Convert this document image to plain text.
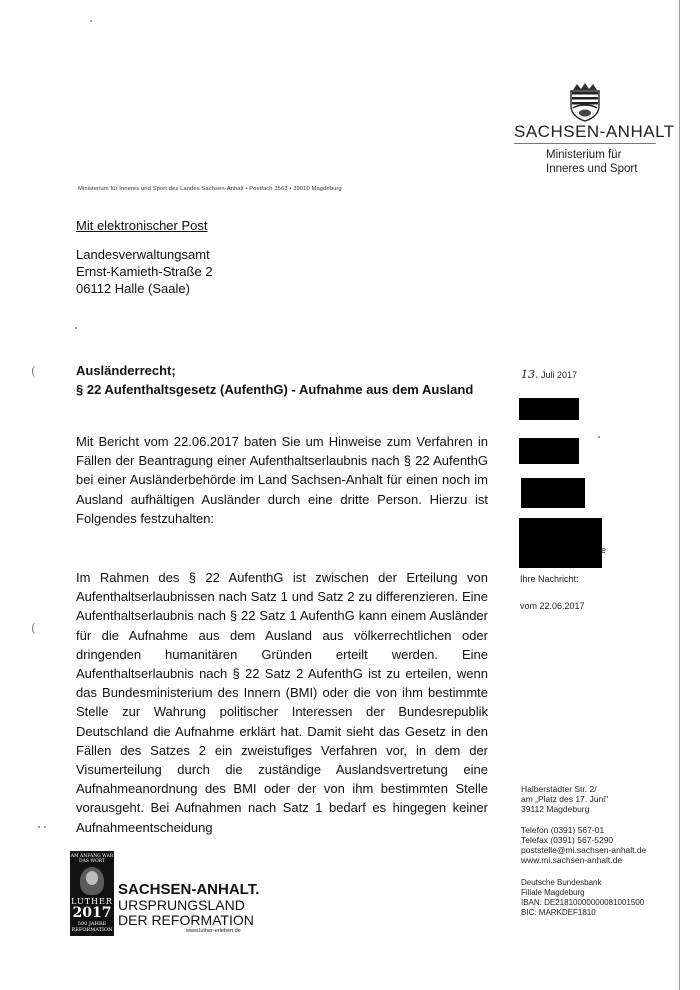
SACHSEN-ANHALT
Ministerium für
Inneres und Sport
Ministerium für Inneres und Sport des Landes Sachsen-Anhalt • Postfach 3563 • 39010 Magdeburg
Mit elektronischer Post
Landesverwaltungsamt
Ernst-Kamieth-Straße 2
06112 Halle (Saale)
Ausländerrecht;
§ 22 Aufenthaltsgesetz (AufenthG) - Aufnahme aus dem Ausland
13. Juli 2017
e
Ihre Nachricht:
vom 22.06.2017
Mit Bericht vom 22.06.2017 baten Sie um Hinweise zum Verfahren in Fällen der Beantragung einer Aufenthaltserlaubnis nach § 22 AufenthG bei einer Ausländerbehörde im Land Sachsen-Anhalt für einen noch im Ausland aufhältigen Ausländer durch eine dritte Person. Hierzu ist Folgendes festzuhalten:
Im Rahmen des § 22 AufenthG ist zwischen der Erteilung von Aufenthaltserlaubnissen nach Satz 1 und Satz 2 zu differenzieren. Eine Aufenthaltserlaubnis nach § 22 Satz 1 AufenthG kann einem Ausländer für die Aufnahme aus dem Ausland aus völkerrechtlichen oder dringenden humanitären Gründen erteilt werden. Eine Aufenthaltserlaubnis nach § 22 Satz 2 AufenthG ist zu erteilen, wenn das Bundesministerium des Innern (BMI) oder die von ihm bestimmte Stelle zur Wahrung politischer Interessen der Bundesrepublik Deutschland die Aufnahme erklärt hat. Damit sieht das Gesetz in den Fällen des Satzes 2 ein zweistufiges Verfahren vor, in dem der Visumerteilung durch die zuständige Auslandsvertretung eine Aufnahmeanordnung des BMI oder der von ihm bestimmten Stelle vorausgeht. Bei Aufnahmen nach Satz 1 bedarf es hingegen keiner Aufnahmeentscheidung
Halberstädter Str. 2/
am „Platz des 17. Juni"
39112 Magdeburg
Telefon (0391) 567-01
Telefax (0391) 567-5290
poststelle@mi.sachsen-anhalt.de
www.mi.sachsen-anhalt.de
Deutsche Bundesbank
Filiale Magdeburg
IBAN: DE21810000000081001500
BIC: MARKDEF1810
AM ANFANG WAR DAS WORT
LUTHER
2017
500 JAHRE REFORMATION
SACHSEN-ANHALT.
URSPRUNGSLAND
DER REFORMATION
www.luther-erleben.de
(
(
